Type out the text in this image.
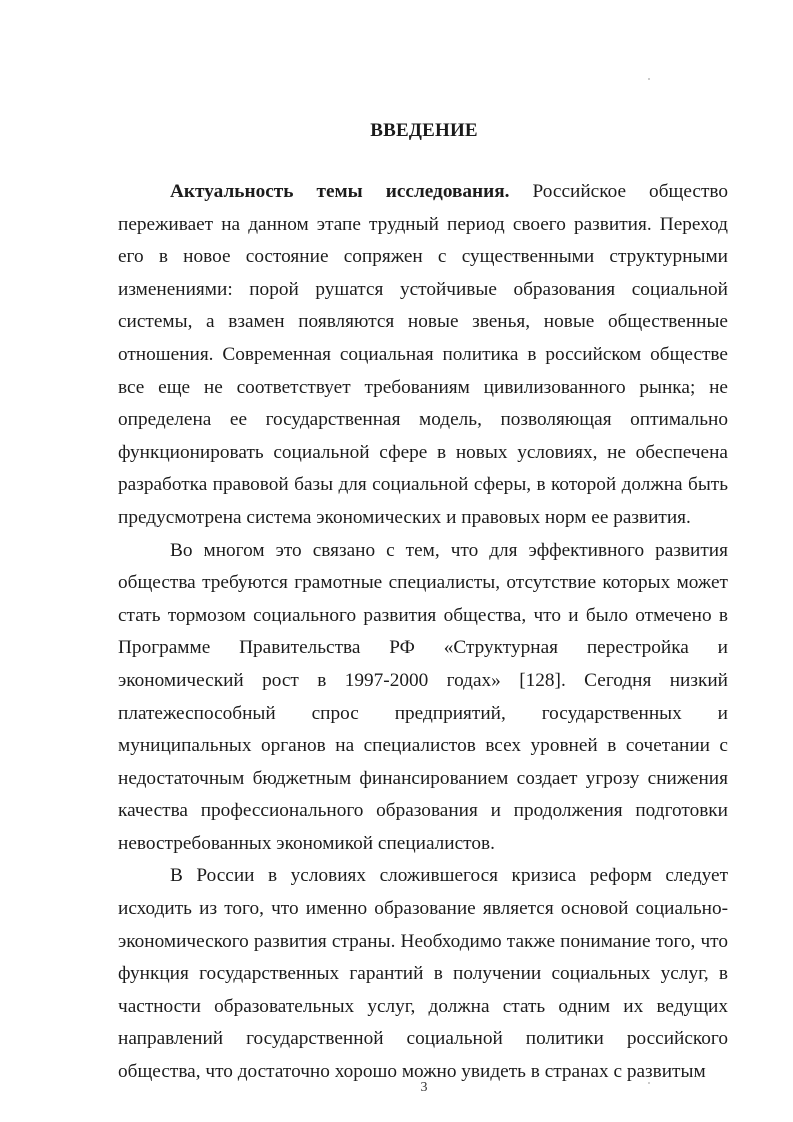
ВВЕДЕНИЕ

Актуальность темы исследования. Российское общество переживает на данном этапе трудный период своего развития. Переход его в новое состояние сопряжен с существенными структурными изменениями: порой рушатся устойчивые образования социальной системы, а взамен появляются новые звенья, новые общественные отношения. Современная социальная политика в российском обществе все еще не соответствует требованиям цивилизованного рынка; не определена ее государственная модель, позволяющая оптимально функционировать социальной сфере в новых условиях, не обеспечена разработка правовой базы для социальной сферы, в которой должна быть предусмотрена система экономических и правовых норм ее развития.

Во многом это связано с тем, что для эффективного развития общества требуются грамотные специалисты, отсутствие которых может стать тормозом социального развития общества, что и было отмечено в Программе Правительства РФ «Структурная перестройка и экономический рост в 1997-2000 годах» [128]. Сегодня низкий платежеспособный спрос предприятий, государственных и муниципальных органов на специалистов всех уровней в сочетании с недостаточным бюджетным финансированием создает угрозу снижения качества профессионального образования и продолжения подготовки невостребованных экономикой специалистов.

В России в условиях сложившегося кризиса реформ следует исходить из того, что именно образование является основой социально-экономического развития страны. Необходимо также понимание того, что функция государственных гарантий в получении социальных услуг, в частности образовательных услуг, должна стать одним их ведущих направлений государственной социальной политики российского общества, что достаточно хорошо можно увидеть в странах с развитым

3
